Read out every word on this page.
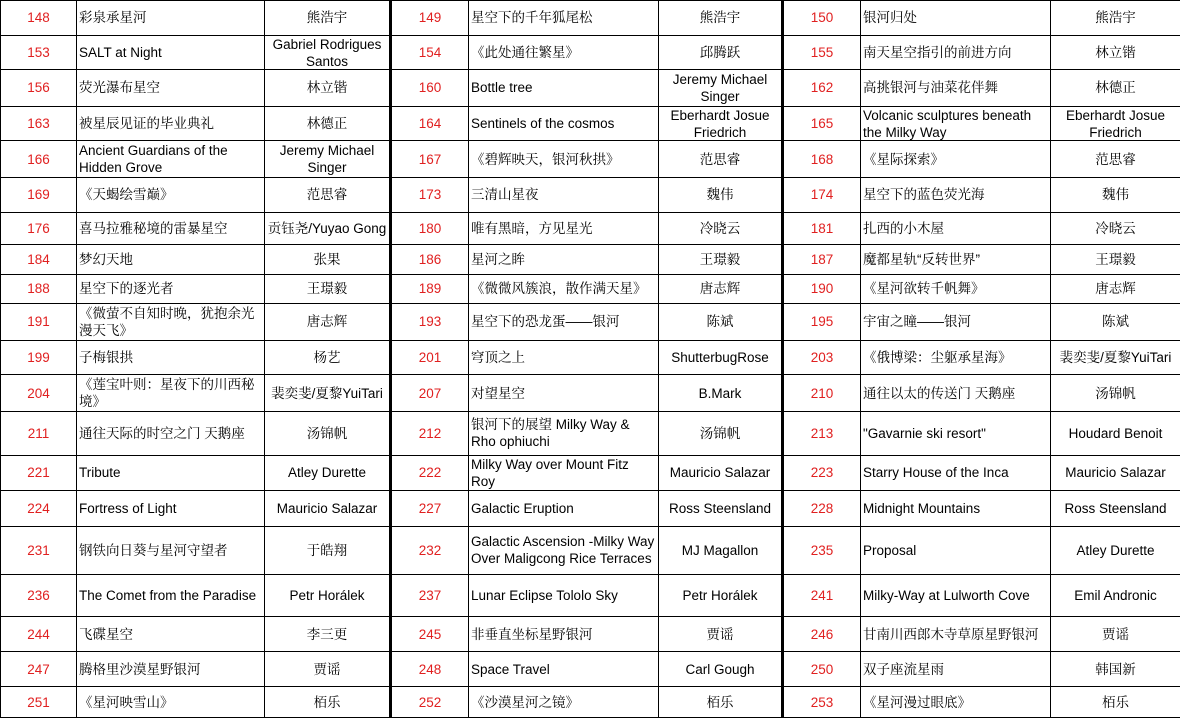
148	彩泉承星河	熊浩宇	149	星空下的千年狐尾松	熊浩宇	150	银河归处	熊浩宇

153	SALT at Night	Gabriel Rodrigues Santos	154	《此处通往繁星》	邱腾跃	155	南天星空指引的前进方向	林立锴

156	荧光瀑布星空	林立锴	160	Bottle tree	Jeremy Michael Singer	162	高挑银河与油菜花伴舞	林德正

163	被星辰见证的毕业典礼	林德正	164	Sentinels of the cosmos	Eberhardt Josue Friedrich	165	Volcanic sculptures beneath the Milky Way	Eberhardt Josue Friedrich

166	Ancient Guardians of the Hidden Grove	Jeremy Michael Singer	167	《碧辉映天，银河秋拱》	范思睿	168	《星际探索》	范思睿

169	《天蝎绘雪巅》	范思睿	173	三清山星夜	魏伟	174	星空下的蓝色荧光海	魏伟

176	喜马拉雅秘境的雷暴星空	贡钰尧/Yuyao Gong	180	唯有黑暗，方见星光	冷晓云	181	扎西的小木屋	冷晓云

184	梦幻天地	张果	186	星河之眸	王璟毅	187	魔都星轨“反转世界”	王璟毅

188	星空下的逐光者	王璟毅	189	《微微风簇浪，散作满天星》	唐志辉	190	《星河欲转千帆舞》	唐志辉

191	《微萤不自知时晚，犹抱余光漫天飞》	唐志辉	193	星空下的恐龙蛋——银河	陈斌	195	宇宙之瞳——银河	陈斌

199	子梅银拱	杨艺	201	穹顶之上	ShutterbugRose	203	《俄博梁：尘躯承星海》	裴奕斐/夏黎YuiTari

204	《莲宝叶则：星夜下的川西秘境》	裴奕斐/夏黎YuiTari	207	对望星空	B.Mark	210	通往以太的传送门 天鹅座	汤锦帆

211	通往天际的时空之门 天鹅座	汤锦帆	212	银河下的展望 Milky Way & Rho ophiuchi	汤锦帆	213	"Gavarnie ski resort"	Houdard Benoit

221	Tribute	Atley Durette	222	Milky Way over Mount Fitz Roy	Mauricio Salazar	223	Starry House of the Inca	Mauricio Salazar

224	Fortress of Light	Mauricio Salazar	227	Galactic Eruption	Ross Steensland	228	Midnight Mountains	Ross Steensland

231	钢铁向日葵与星河守望者	于皓翔	232	Galactic Ascension -Milky Way Over Maligcong Rice Terraces	MJ Magallon	235	Proposal	Atley Durette

236	The Comet from the Paradise	Petr Horálek	237	Lunar Eclipse Tololo Sky	Petr Horálek	241	Milky-Way at Lulworth Cove	Emil Andronic

244	飞碟星空	李三更	245	非垂直坐标星野银河	贾谣	246	甘南川西郎木寺草原星野银河	贾谣

247	腾格里沙漠星野银河	贾谣	248	Space Travel	Carl Gough	250	双子座流星雨	韩国新

251	《星河映雪山》	栢乐	252	《沙漠星河之镜》	栢乐	253	《星河漫过眼底》	栢乐
